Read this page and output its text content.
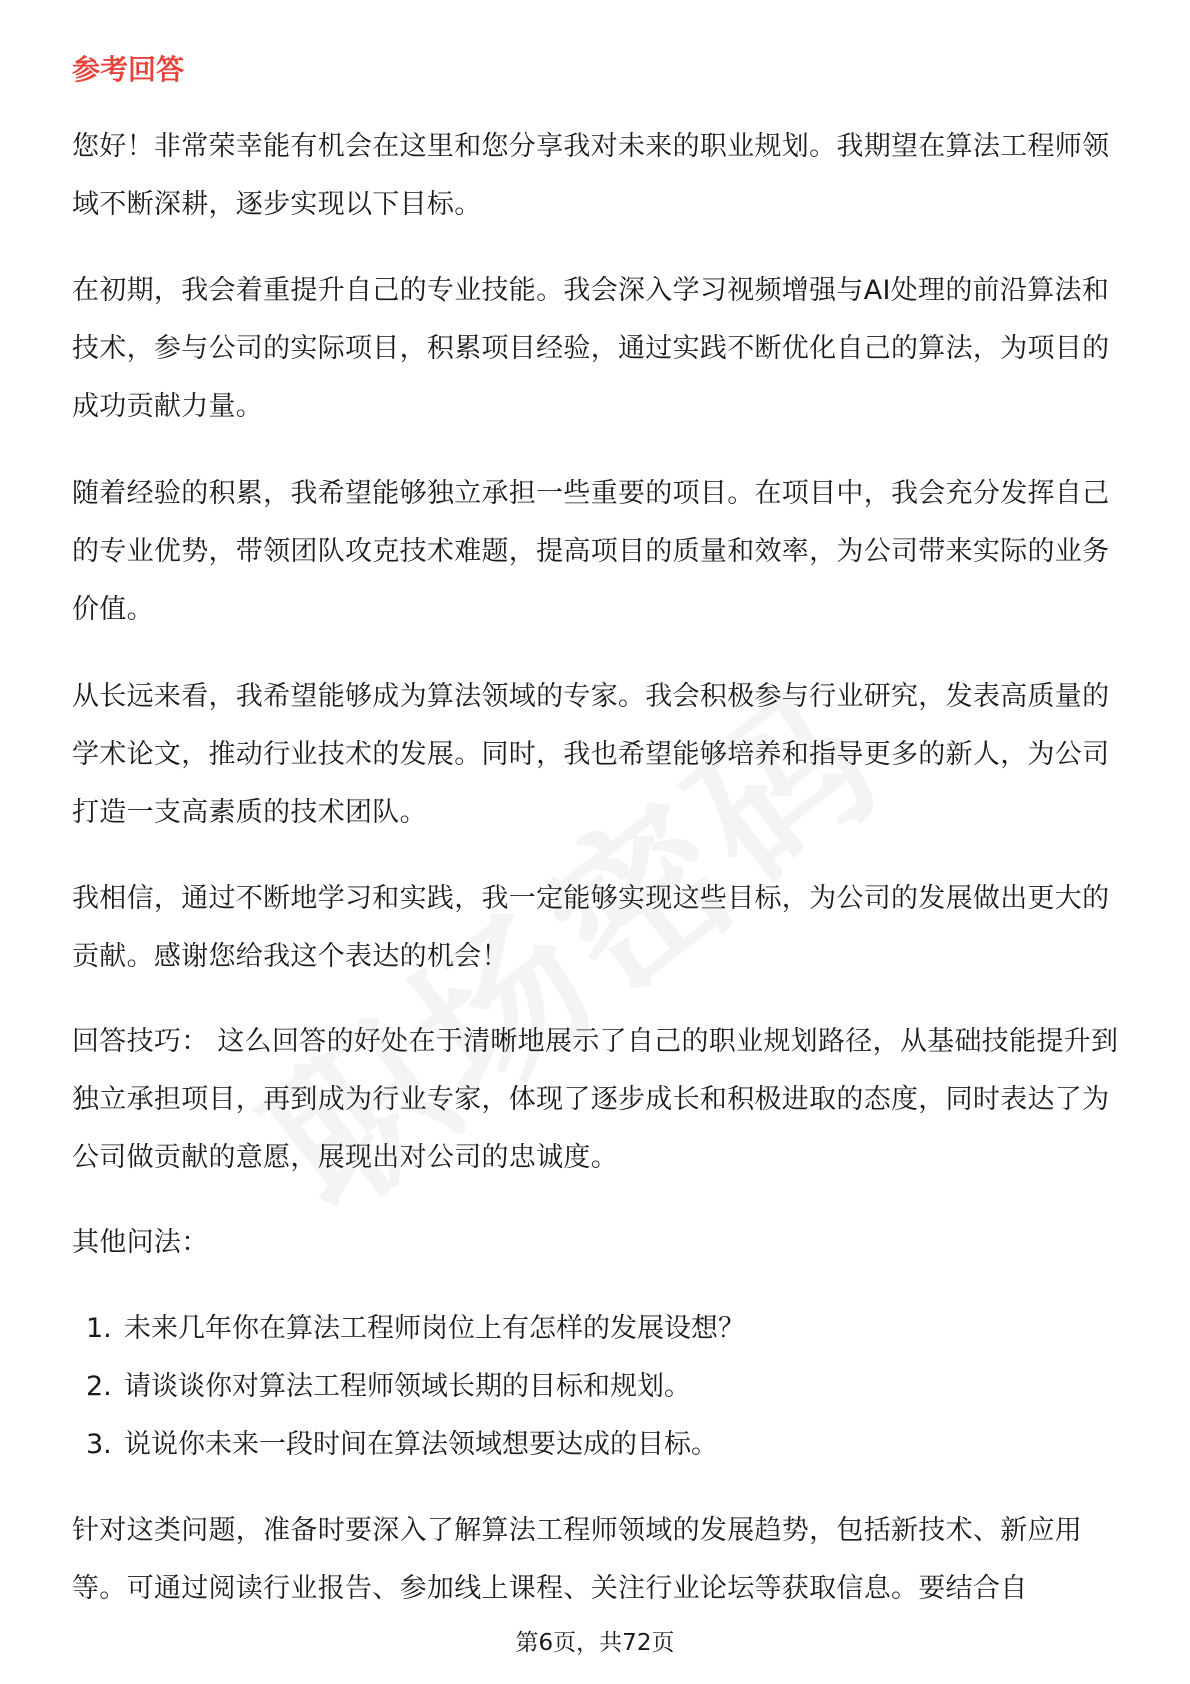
参考回答

您好！非常荣幸能有机会在这里和您分享我对未来的职业规划。我期望在算法工程师领域不断深耕，逐步实现以下目标。

在初期，我会着重提升自己的专业技能。我会深入学习视频增强与AI处理的前沿算法和技术，参与公司的实际项目，积累项目经验，通过实践不断优化自己的算法，为项目的成功贡献力量。

随着经验的积累，我希望能够独立承担一些重要的项目。在项目中，我会充分发挥自己的专业优势，带领团队攻克技术难题，提高项目的质量和效率，为公司带来实际的业务价值。

从长远来看，我希望能够成为算法领域的专家。我会积极参与行业研究，发表高质量的学术论文，推动行业技术的发展。同时，我也希望能够培养和指导更多的新人，为公司打造一支高素质的技术团队。

我相信，通过不断地学习和实践，我一定能够实现这些目标，为公司的发展做出更大的贡献。感谢您给我这个表达的机会！

回答技巧： 这么回答的好处在于清晰地展示了自己的职业规划路径，从基础技能提升到独立承担项目，再到成为行业专家，体现了逐步成长和积极进取的态度，同时表达了为公司做贡献的意愿，展现出对公司的忠诚度。

其他问法：

1. 未来几年你在算法工程师岗位上有怎样的发展设想？
2. 请谈谈你对算法工程师领域长期的目标和规划。
3. 说说你未来一段时间在算法领域想要达成的目标。

针对这类问题，准备时要深入了解算法工程师领域的发展趋势，包括新技术、新应用等。可通过阅读行业报告、参加线上课程、关注行业论坛等获取信息。要结合自

第6页，共72页
